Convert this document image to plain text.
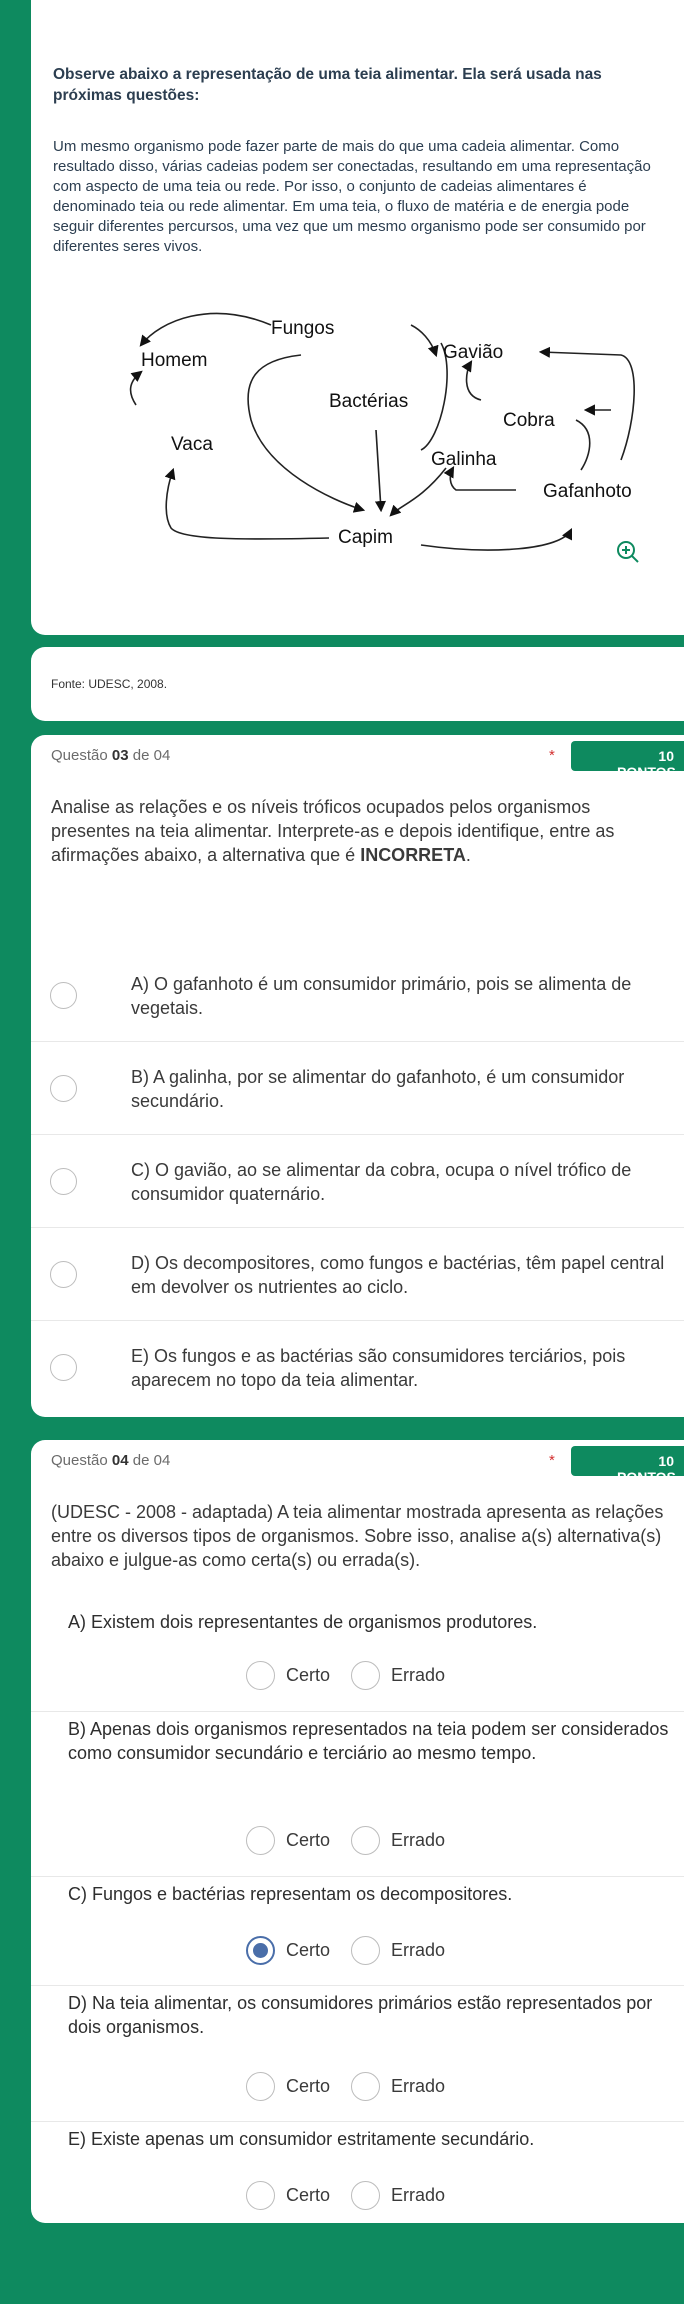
Observe abaixo a representação de uma teia alimentar. Ela será usada nas próximas questões:
Um mesmo organismo pode fazer parte de mais do que uma cadeia alimentar. Como resultado disso, várias cadeias podem ser conectadas, resultando em uma representação com aspecto de uma teia ou rede. Por isso, o conjunto de cadeias alimentares é denominado teia ou rede alimentar. Em uma teia, o fluxo de matéria e de energia pode seguir diferentes percursos, uma vez que um mesmo organismo pode ser consumido por diferentes seres vivos.
Fungos
Homem	Gavião
Bactérias
Cobra
Vaca
Galinha
Gafanhoto
Capim
Fonte: UDESC, 2008.
Questão 03 de 04	*	10 PONTOS
Analise as relações e os níveis tróficos ocupados pelos organismos presentes na teia alimentar. Interprete-as e depois identifique, entre as afirmações abaixo, a alternativa que é INCORRETA.
A) O gafanhoto é um consumidor primário, pois se alimenta de vegetais.
B) A galinha, por se alimentar do gafanhoto, é um consumidor secundário.
C) O gavião, ao se alimentar da cobra, ocupa o nível trófico de consumidor quaternário.
D) Os decompositores, como fungos e bactérias, têm papel central em devolver os nutrientes ao ciclo.
E) Os fungos e as bactérias são consumidores terciários, pois aparecem no topo da teia alimentar.
Questão 04 de 04	*	10 PONTOS
(UDESC - 2008 - adaptada) A teia alimentar mostrada apresenta as relações entre os diversos tipos de organismos. Sobre isso, analise a(s) alternativa(s) abaixo e julgue-as como certa(s) ou errada(s).
A) Existem dois representantes de organismos produtores.
Certo	Errado
B) Apenas dois organismos representados na teia podem ser considerados como consumidor secundário e terciário ao mesmo tempo.
Certo	Errado
C) Fungos e bactérias representam os decompositores.
Certo	Errado
D) Na teia alimentar, os consumidores primários estão representados por dois organismos.
Certo	Errado
E) Existe apenas um consumidor estritamente secundário.
Certo	Errado
